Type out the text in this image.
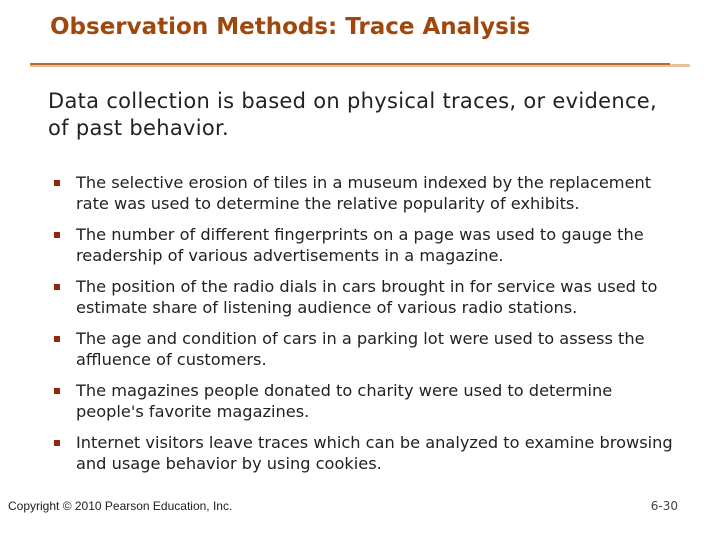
Observation Methods: Trace Analysis
Data collection is based on physical traces, or evidence, of past behavior.
The selective erosion of tiles in a museum indexed by the replacement rate was used to determine the relative popularity of exhibits.
The number of different fingerprints on a page was used to gauge the readership of various advertisements in a magazine.
The position of the radio dials in cars brought in for service was used to estimate share of listening audience of various radio stations.
The age and condition of cars in a parking lot were used to assess the affluence of customers.
The magazines people donated to charity were used to determine people's favorite magazines.
Internet visitors leave traces which can be analyzed to examine browsing and usage behavior by using cookies.
Copyright © 2010 Pearson Education, Inc.	6-30
